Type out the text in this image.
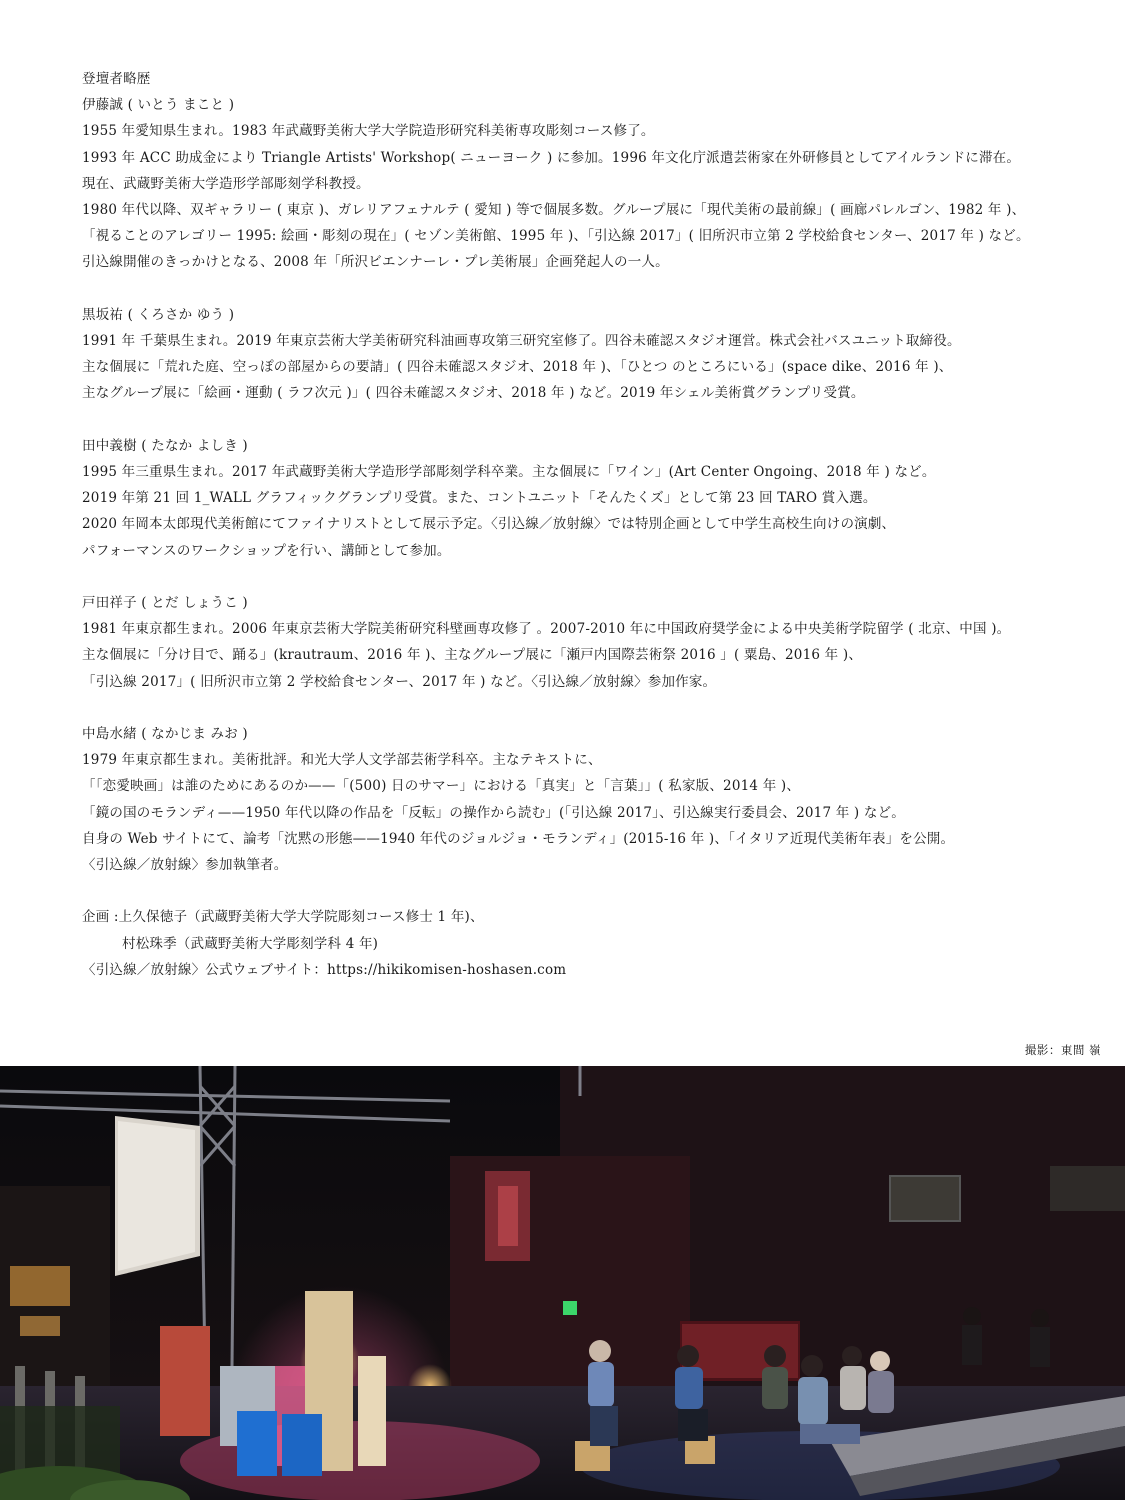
登壇者略歴

伊藤誠 ( いとう まこと )

1955 年愛知県生まれ。1983 年武蔵野美術大学大学院造形研究科美術専攻彫刻コース修了。

1993 年 ACC 助成金により Triangle Artists' Workshop( ニューヨーク ) に参加。1996 年文化庁派遣芸術家在外研修員としてアイルランドに滞在。

現在、武蔵野美術大学造形学部彫刻学科教授。

1980 年代以降、双ギャラリー ( 東京 )、ガレリアフェナルテ ( 愛知 ) 等で個展多数。グループ展に「現代美術の最前線」( 画廊パレルゴン、1982 年 )、

「視ることのアレゴリー 1995: 絵画・彫刻の現在」( セゾン美術館、1995 年 )、「引込線 2017」( 旧所沢市立第 2 学校給食センター、2017 年 ) など。

引込線開催のきっかけとなる、2008 年「所沢ビエンナーレ・プレ美術展」企画発起人の一人。

黒坂祐 ( くろさか ゆう )

1991 年 千葉県生まれ。2019 年東京芸術大学美術研究科油画専攻第三研究室修了。四谷未確認スタジオ運営。株式会社バスユニット取締役。

主な個展に「荒れた庭、空っぽの部屋からの要請」( 四谷未確認スタジオ、2018 年 )、「ひとつ のところにいる」(space dike、2016 年 )、

主なグループ展に「絵画・運動 ( ラフ次元 )」( 四谷未確認スタジオ、2018 年 ) など。2019 年シェル美術賞グランプリ受賞。

田中義樹 ( たなか よしき )

1995 年三重県生まれ。2017 年武蔵野美術大学造形学部彫刻学科卒業。主な個展に「ワイン」(Art Center Ongoing、2018 年 ) など。

2019 年第 21 回 1_WALL グラフィックグランプリ受賞。また、コントユニット「そんたくズ」として第 23 回 TARO 賞入選。

2020 年岡本太郎現代美術館にてファイナリストとして展示予定。〈引込線／放射線〉では特別企画として中学生高校生向けの演劇、

パフォーマンスのワークショップを行い、講師として参加。

戸田祥子 ( とだ しょうこ )

1981 年東京都生まれ。2006 年東京芸術大学院美術研究科壁画専攻修了 。2007-2010 年に中国政府奨学金による中央美術学院留学 ( 北京、中国 )。

主な個展に「分け目で、踊る」(krautraum、2016 年 )、主なグループ展に「瀬戸内国際芸術祭 2016 」( 粟島、2016 年 )、

「引込線 2017」( 旧所沢市立第 2 学校給食センター、2017 年 ) など。〈引込線／放射線〉参加作家。

中島水緒 ( なかじま みお )

1979 年東京都生まれ。美術批評。和光大学人文学部芸術学科卒。主なテキストに、

「「恋愛映画」は誰のためにあるのか——「(500) 日のサマー」における「真実」と「言葉」」( 私家版、2014 年 )、

「鏡の国のモランディ——1950 年代以降の作品を「反転」の操作から読む」(「引込線 2017」、引込線実行委員会、2017 年 ) など。

自身の Web サイトにて、論考「沈黙の形態——1940 年代のジョルジョ・モランディ」(2015-16 年 )、「イタリア近現代美術年表」を公開。

〈引込線／放射線〉参加執筆者。

企画 : 上久保徳子（武蔵野美術大学大学院彫刻コース修士 1 年)、
村松珠季（武蔵野美術大学彫刻学科 4 年)

〈引込線／放射線〉公式ウェブサイト：https://hikikomisen-hoshasen.com

撮影：東間 嶺
